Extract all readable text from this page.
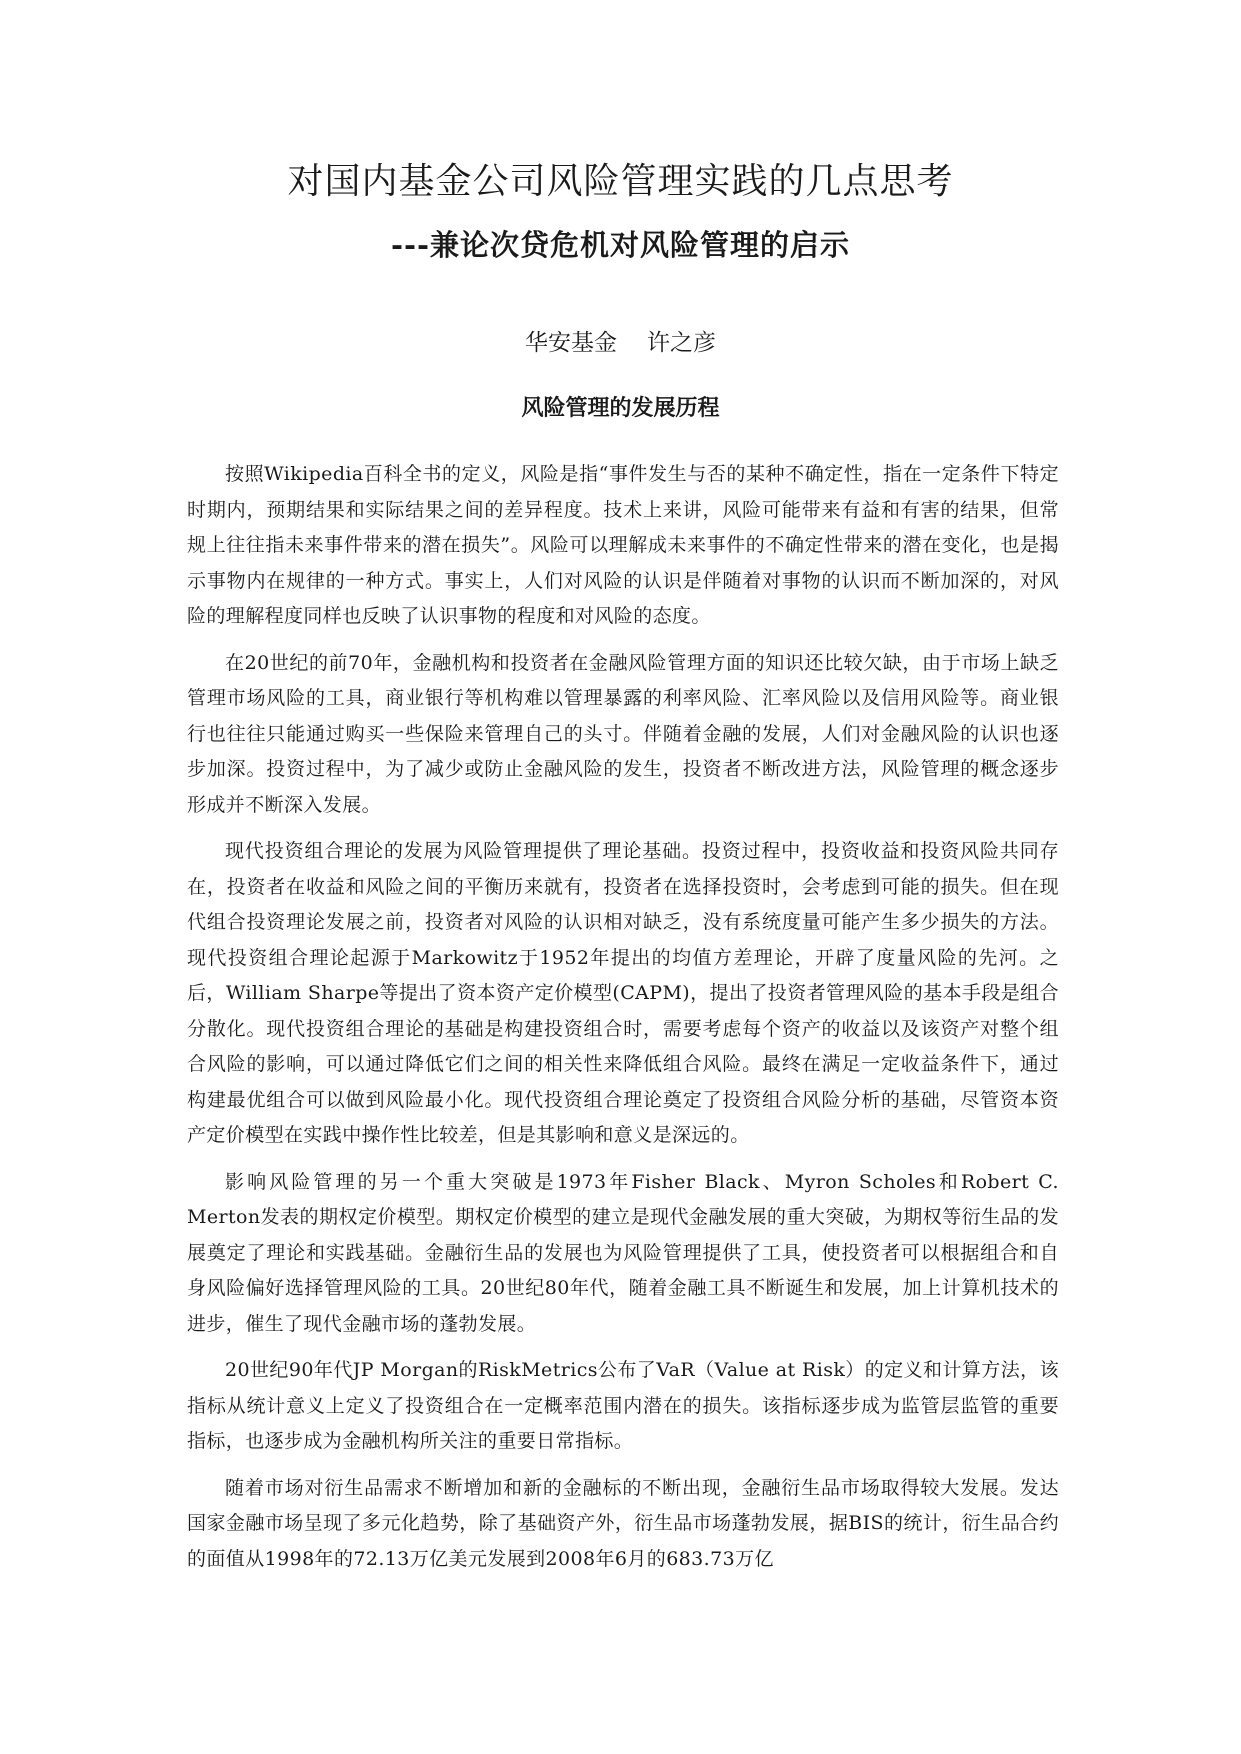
对国内基金公司风险管理实践的几点思考
---兼论次贷危机对风险管理的启示
华安基金 许之彦
风险管理的发展历程

按照Wikipedia百科全书的定义，风险是指“事件发生与否的某种不确定性，指在一定条件下特定时期内，预期结果和实际结果之间的差异程度。技术上来讲，风险可能带来有益和有害的结果，但常规上往往指未来事件带来的潜在损失”。风险可以理解成未来事件的不确定性带来的潜在变化，也是揭示事物内在规律的一种方式。事实上，人们对风险的认识是伴随着对事物的认识而不断加深的，对风险的理解程度同样也反映了认识事物的程度和对风险的态度。

在20世纪的前70年，金融机构和投资者在金融风险管理方面的知识还比较欠缺，由于市场上缺乏管理市场风险的工具，商业银行等机构难以管理暴露的利率风险、汇率风险以及信用风险等。商业银行也往往只能通过购买一些保险来管理自己的头寸。伴随着金融的发展，人们对金融风险的认识也逐步加深。投资过程中，为了减少或防止金融风险的发生，投资者不断改进方法，风险管理的概念逐步形成并不断深入发展。

现代投资组合理论的发展为风险管理提供了理论基础。投资过程中，投资收益和投资风险共同存在，投资者在收益和风险之间的平衡历来就有，投资者在选择投资时，会考虑到可能的损失。但在现代组合投资理论发展之前，投资者对风险的认识相对缺乏，没有系统度量可能产生多少损失的方法。现代投资组合理论起源于Markowitz于1952年提出的均值方差理论，开辟了度量风险的先河。之后，William Sharpe等提出了资本资产定价模型(CAPM)，提出了投资者管理风险的基本手段是组合分散化。现代投资组合理论的基础是构建投资组合时，需要考虑每个资产的收益以及该资产对整个组合风险的影响，可以通过降低它们之间的相关性来降低组合风险。最终在满足一定收益条件下，通过构建最优组合可以做到风险最小化。现代投资组合理论奠定了投资组合风险分析的基础，尽管资本资产定价模型在实践中操作性比较差，但是其影响和意义是深远的。

影响风险管理的另一个重大突破是1973年Fisher Black、Myron Scholes和Robert C. Merton发表的期权定价模型。期权定价模型的建立是现代金融发展的重大突破，为期权等衍生品的发展奠定了理论和实践基础。金融衍生品的发展也为风险管理提供了工具，使投资者可以根据组合和自身风险偏好选择管理风险的工具。20世纪80年代，随着金融工具不断诞生和发展，加上计算机技术的进步，催生了现代金融市场的蓬勃发展。

20世纪90年代JP Morgan的RiskMetrics公布了VaR（Value at Risk）的定义和计算方法，该指标从统计意义上定义了投资组合在一定概率范围内潜在的损失。该指标逐步成为监管层监管的重要指标，也逐步成为金融机构所关注的重要日常指标。

随着市场对衍生品需求不断增加和新的金融标的不断出现，金融衍生品市场取得较大发展。发达国家金融市场呈现了多元化趋势，除了基础资产外，衍生品市场蓬勃发展，据BIS的统计，衍生品合约的面值从1998年的72.13万亿美元发展到2008年6月的683.73万亿
